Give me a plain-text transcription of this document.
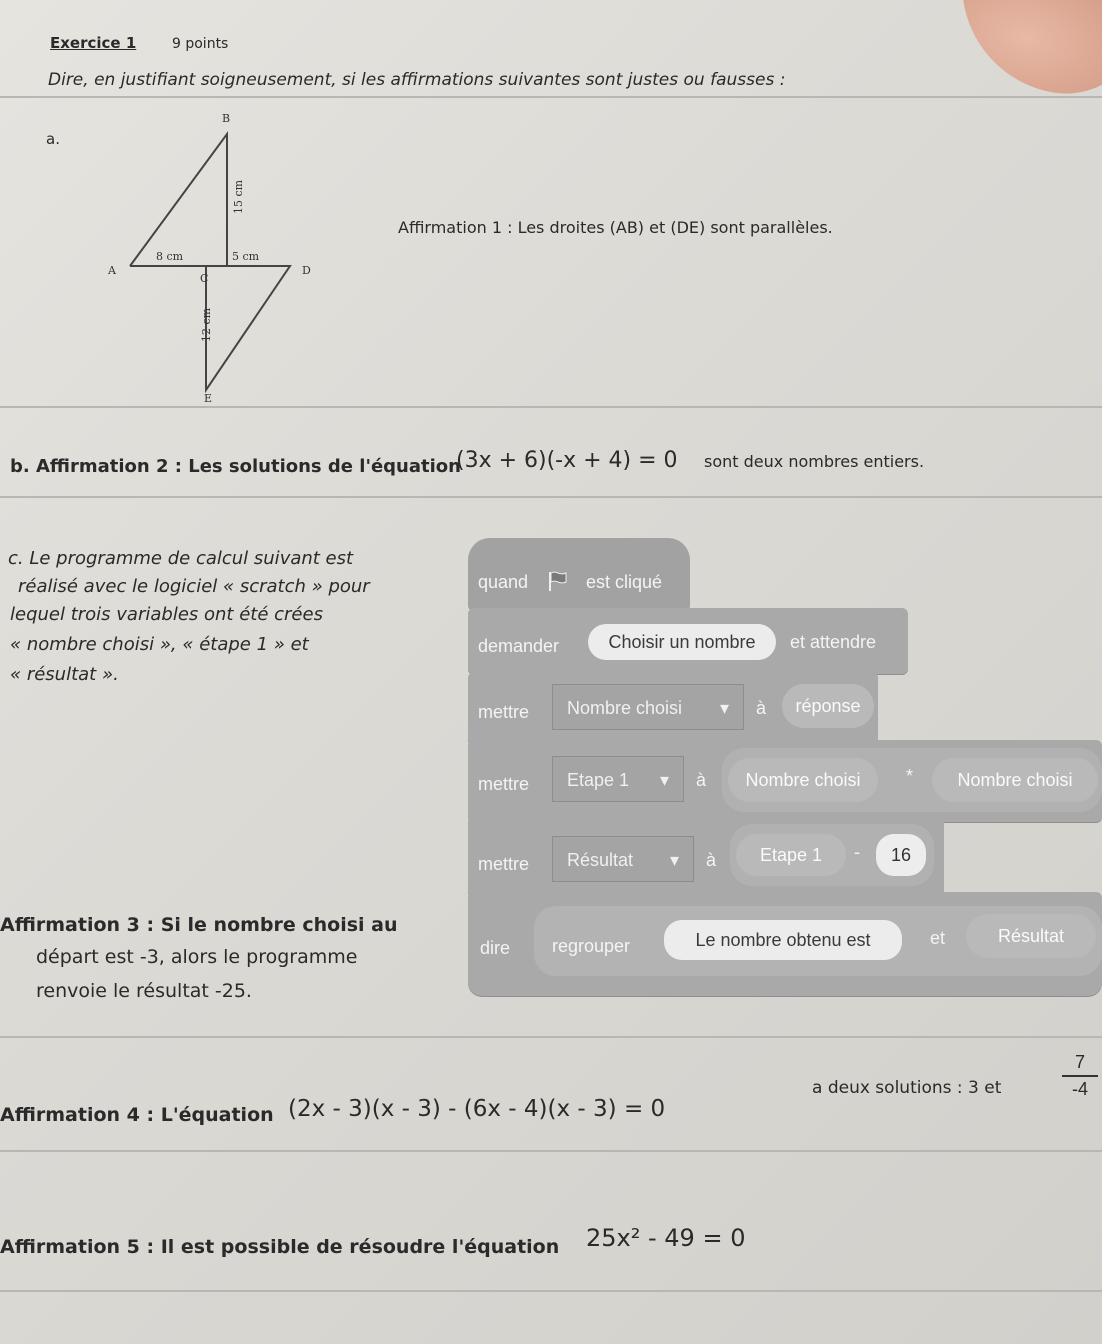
Exercice 1	9 points
Dire, en justifiant soigneusement, si les affirmations suivantes sont justes ou fausses :
a.
B
A
C
D
E
8 cm	5 cm
15 cm
12 cm
Affirmation 1 : Les droites (AB) et (DE) sont parallèles.
b. Affirmation 2 : Les solutions de l'équation
(3x + 6)(-x + 4) = 0 sont deux nombres entiers.
c. Le programme de calcul suivant est
réalisé avec le logiciel « scratch » pour
lequel trois variables ont été crées
« nombre choisi », « étape 1 » et
« résultat ».
Affirmation 3 : Si le nombre choisi au
départ est -3, alors le programme
renvoie le résultat -25.
quand	est cliqué
demander	Choisir un nombre	et attendre
mettre	Nombre choisi ▾ à	réponse
mettre	Etape 1 ▾ à	Nombre choisi	*	Nombre choisi
mettre	Résultat ▾ à	Etape 1	-	16
dire regrouper	Le nombre obtenu est	et	Résultat
Affirmation 4 : L'équation (2x - 3)(x - 3) - (6x - 4)(x - 3) = 0
a deux solutions : 3 et
7
-4
Affirmation 5 : Il est possible de résoudre l'équation 25x² - 49 = 0
